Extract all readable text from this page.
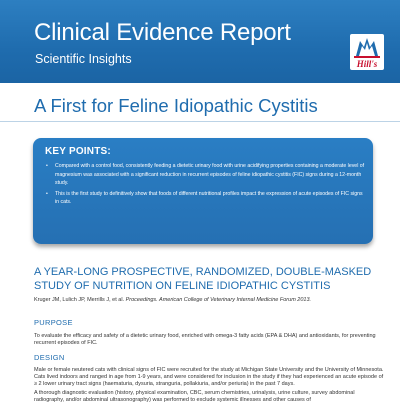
Clinical Evidence Report
Scientific Insights	Hill's
A First for Feline Idiopathic Cystitis
KEY POINTS:
• Compared with a control food, consistently feeding a dietetic urinary food with urine acidifying properties containing a moderate level of magnesium was associated with a significant reduction in recurrent episodes of feline idiopathic cystitis (FIC) signs during a 12-month study.
• This is the first study to definitively show that foods of different nutritional profiles impact the expression of acute episodes of FIC signs in cats.
A YEAR-LONG PROSPECTIVE, RANDOMIZED, DOUBLE-MASKED STUDY OF NUTRITION ON FELINE IDIOPATHIC CYSTITIS
Kruger JM, Lulich JP, Merrills J, et al. Proceedings. American College of Veterinary Internal Medicine Forum 2013.
PURPOSE
To evaluate the efficacy and safety of a dietetic urinary food, enriched with omega-3 fatty acids (EPA & DHA) and antioxidants, for preventing recurrent episodes of FIC.
DESIGN
Male or female neutered cats with clinical signs of FIC were recruited for the study at Michigan State University and the University of Minnesota. Cats lived indoors and ranged in age from 1-9 years, and were considered for inclusion in the study if they had experienced an acute episode of ≥ 2 lower urinary tract signs (haematuria, dysuria, stranguria, pollakiuria, and/or periuria) in the past 7 days.
A thorough diagnostic evaluation (history, physical examination, CBC, serum chemistries, urinalysis, urine culture, survey abdominal radiography, and/or abdominal ultrasonography) was performed to exclude systemic illnesses and other causes of
